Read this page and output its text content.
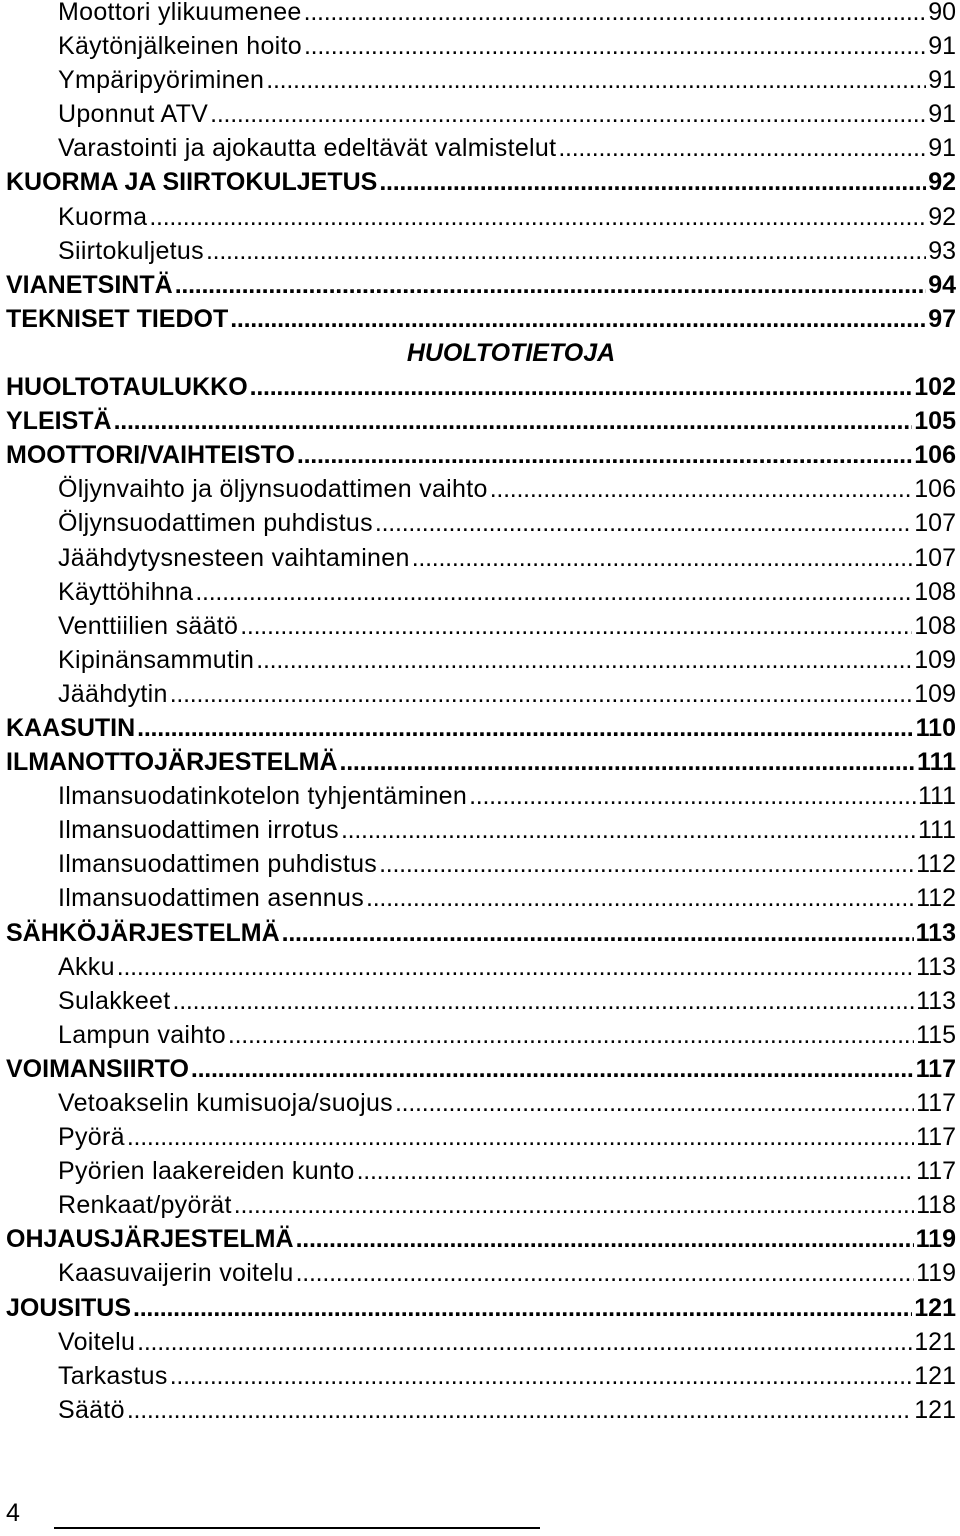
Moottori ylikuumenee . . .	90
Käytönjälkeinen hoito . . .	91
Ympäripyöriminen . . .	91
Uponnut ATV . . .	91
Varastointi ja ajokautta edeltävät valmistelut . . .	91
KUORMA JA SIIRTOKULJETUS . . .	92
Kuorma . . .	92
Siirtokuljetus . . .	93
VIANETSINTÄ . . .	94
TEKNISET TIEDOT . . .	97
HUOLTOTIETOJA
HUOLTOTAULUKKO . . .	102
YLEISTÄ . . .	105
MOOTTORI/VAIHTEISTO . . .	106
Öljynvaihto ja öljynsuodattimen vaihto . . .	106
Öljynsuodattimen puhdistus . . .	107
Jäähdytysnesteen vaihtaminen . . .	107
Käyttöhihna . . .	108
Venttiilien säätö . . .	108
Kipinänsammutin . . .	109
Jäähdytin . . .	109
KAASUTIN . . .	110
ILMANOTTOJÄRJESTELMÄ . . .	111
Ilmansuodatinkotelon tyhjentäminen . . .	111
Ilmansuodattimen irrotus . . .	111
Ilmansuodattimen puhdistus . . .	112
Ilmansuodattimen asennus . . .	112
SÄHKÖJÄRJESTELMÄ . . .	113
Akku . . .	113
Sulakkeet . . .	113
Lampun vaihto . . .	115
VOIMANSIIRTO . . .	117
Vetoakselin kumisuoja/suojus . . .	117
Pyörä . . .	117
Pyörien laakereiden kunto . . .	117
Renkaat/pyörät . . .	118
OHJAUSJÄRJESTELMÄ . . .	119
Kaasuvaijerin voitelu . . .	119
JOUSITUS . . .	121
Voitelu . . .	121
Tarkastus . . .	121
Säätö . . .	121
4
